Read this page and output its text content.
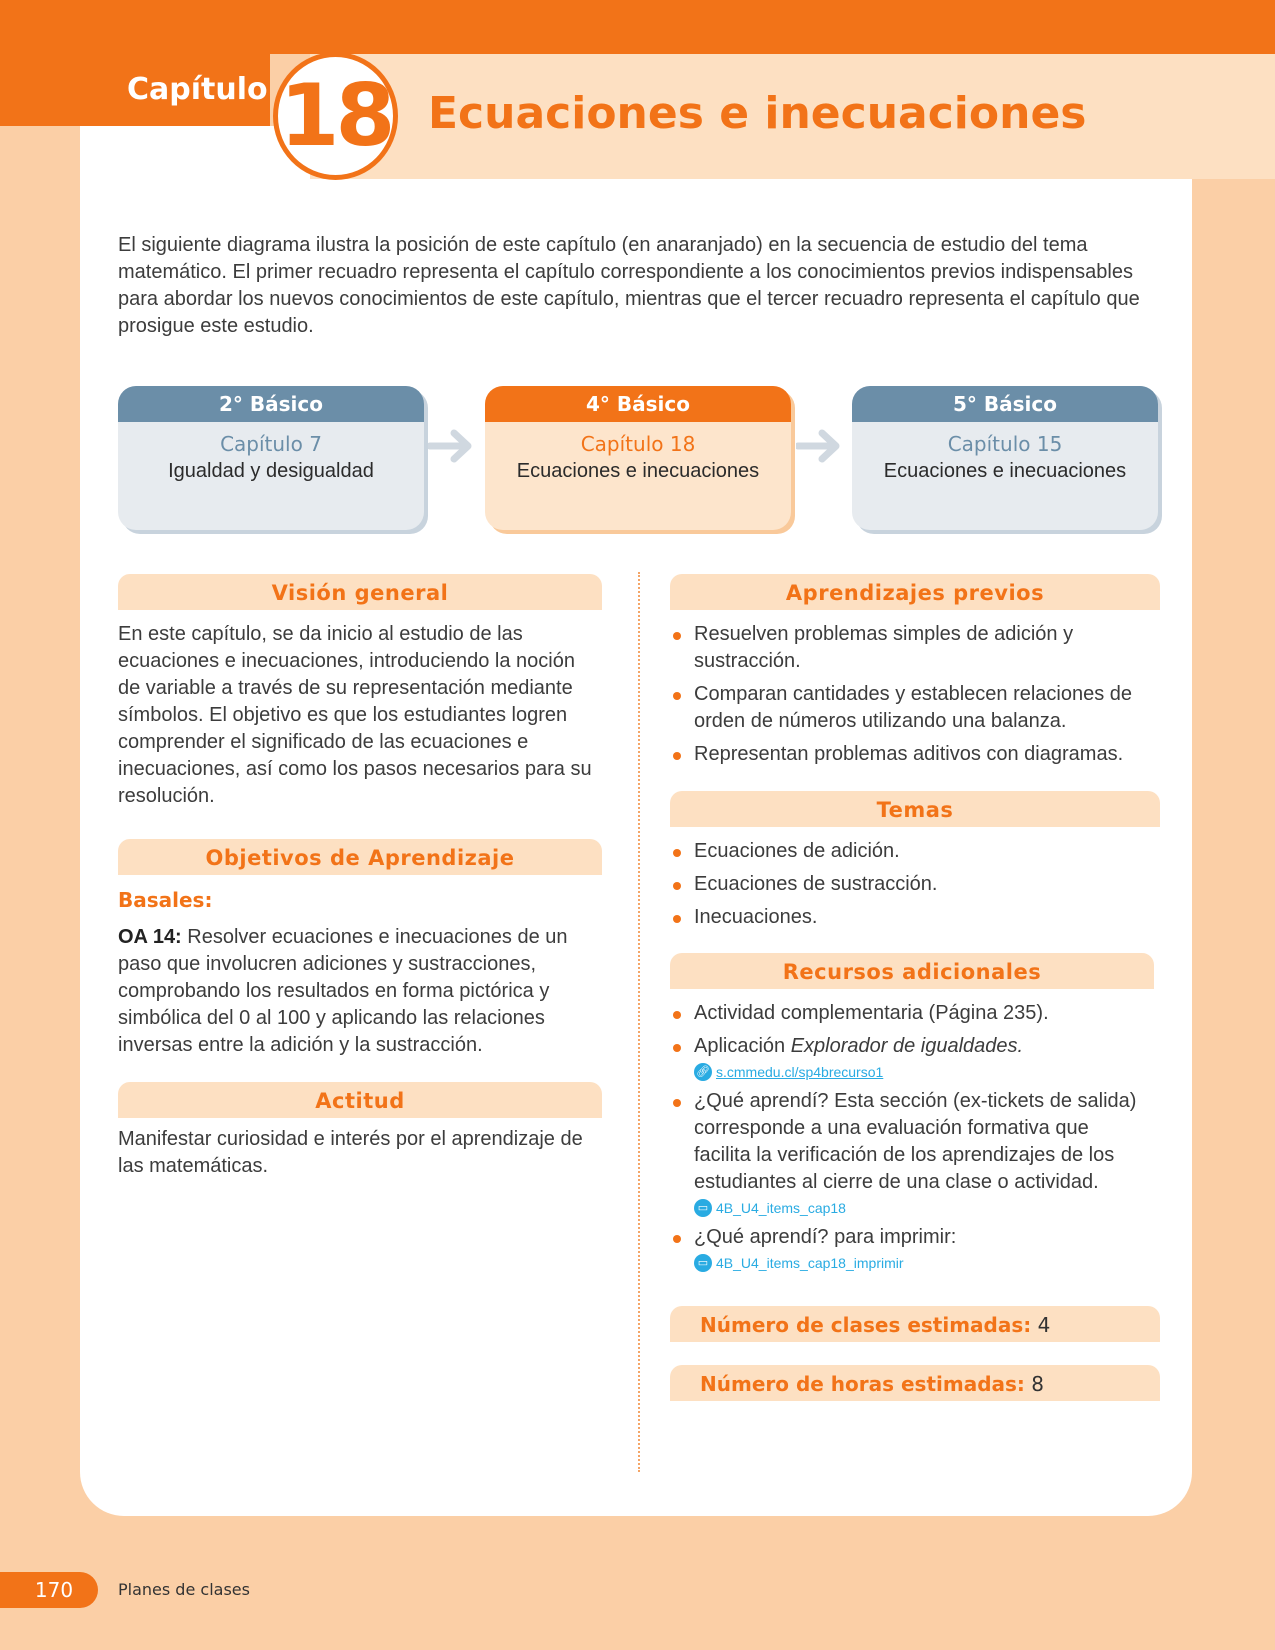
Capítulo 18 Ecuaciones e inecuaciones

El siguiente diagrama ilustra la posición de este capítulo (en anaranjado) en la secuencia de estudio del tema matemático. El primer recuadro representa el capítulo correspondiente a los conocimientos previos indispensables para abordar los nuevos conocimientos de este capítulo, mientras que el tercer recuadro representa el capítulo que prosigue este estudio.

2° Básico
Capítulo 7
Igualdad y desigualdad
4° Básico
Capítulo 18
Ecuaciones e inecuaciones
5° Básico
Capítulo 15
Ecuaciones e inecuaciones
Visión general

En este capítulo, se da inicio al estudio de las ecuaciones e inecuaciones, introduciendo la noción de variable a través de su representación mediante símbolos. El objetivo es que los estudiantes logren comprender el significado de las ecuaciones e inecuaciones, así como los pasos necesarios para su resolución.

Objetivos de Aprendizaje
Basales:

OA 14: Resolver ecuaciones e inecuaciones de un paso que involucren adiciones y sustracciones, comprobando los resultados en forma pictórica y simbólica del 0 al 100 y aplicando las relaciones inversas entre la adición y la sustracción.

Actitud

Manifestar curiosidad e interés por el aprendizaje de las matemáticas.

Aprendizajes previos
Resuelven problemas simples de adición y sustracción.
Comparan cantidades y establecen relaciones de orden de números utilizando una balanza.
Representan problemas aditivos con diagramas.
Temas
Ecuaciones de adición.
Ecuaciones de sustracción.
Inecuaciones.
Recursos adicionales
Actividad complementaria (Página 235).
Aplicación Explorador de igualdades.
🔗︎ s.cmmedu.cl/sp4brecurso1
¿Qué aprendí? Esta sección (ex-tickets de salida) corresponde a una evaluación formativa que facilita la verificación de los aprendizajes de los estudiantes al cierre de una clase o actividad.
▭ 4B_U4_items_cap18
¿Qué aprendí? para imprimir:
▭ 4B_U4_items_cap18_imprimir
Número de clases estimadas: 4
Número de horas estimadas: 8
170	Planes de clases
